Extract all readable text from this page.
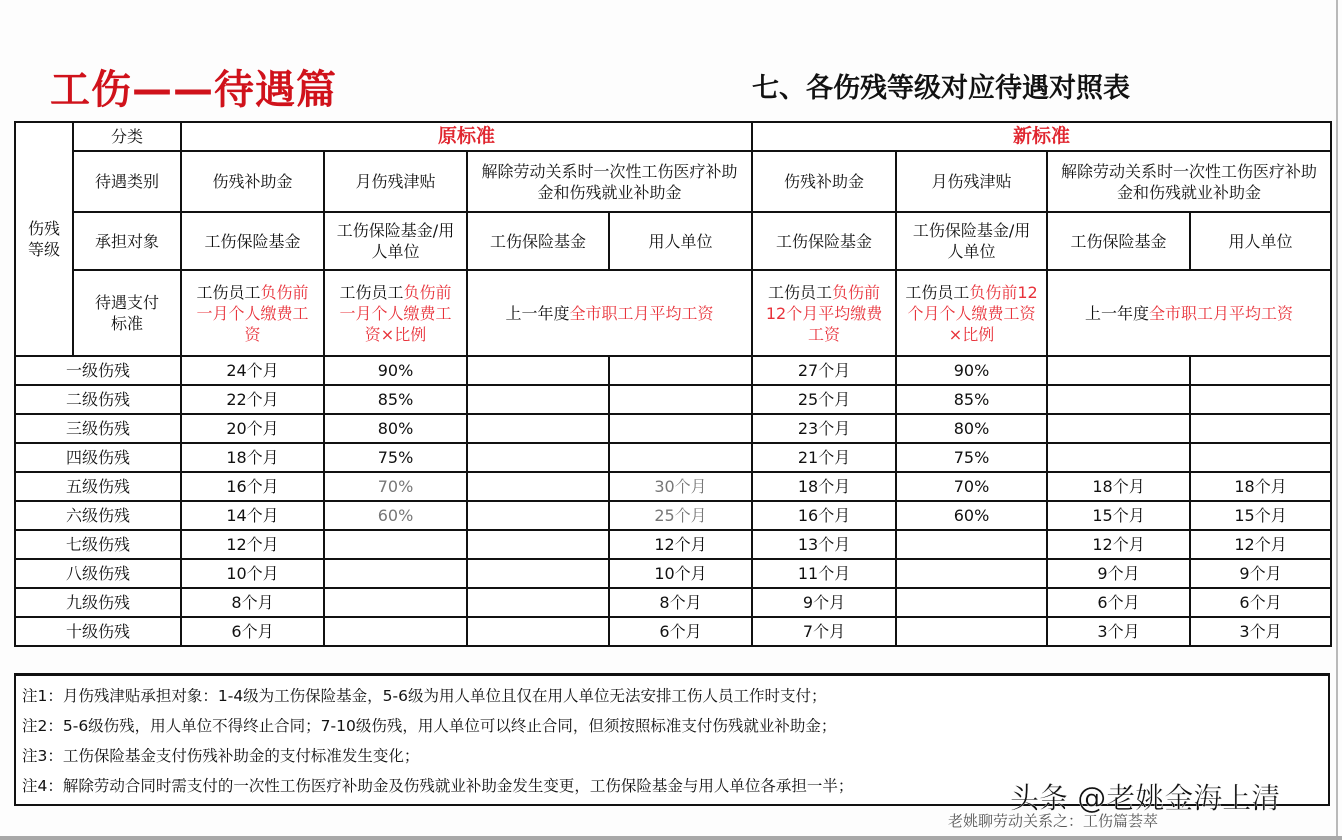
工伤——待遇篇	七、各伤残等级对应待遇对照表
伤残等级	分类	原标准				新标准			
	待遇类别	伤残补助金	月伤残津贴	解除劳动关系时一次性工伤医疗补助金和伤残就业补助金		伤残补助金	月伤残津贴	解除劳动关系时一次性工伤医疗补助金和伤残就业补助金	
	承担对象	工伤保险基金	工伤保险基金/用人单位	工伤保险基金	用人单位	工伤保险基金	工伤保险基金/用人单位	工伤保险基金	用人单位
	待遇支付标准	工伤员工负伤前一月个人缴费工资	工伤员工负伤前一月个人缴费工资×比例	上一年度全市职工月平均工资		工伤员工负伤前12个月平均缴费工资	工伤员工负伤前12个月个人缴费工资×比例	上一年度全市职工月平均工资	
一级伤残		24个月	90%			27个月	90%		
二级伤残		22个月	85%			25个月	85%		
三级伤残		20个月	80%			23个月	80%		
四级伤残		18个月	75%			21个月	75%		
五级伤残		16个月	70%		30个月	18个月	70%	18个月	18个月
六级伤残		14个月	60%		25个月	16个月	60%	15个月	15个月
七级伤残		12个月			12个月	13个月		12个月	12个月
八级伤残		10个月			10个月	11个月		9个月	9个月
九级伤残		8个月			8个月	9个月		6个月	6个月
十级伤残		6个月			6个月	7个月		3个月	3个月
注1：月伤残津贴承担对象：1-4级为工伤保险基金，5-6级为用人单位且仅在用人单位无法安排工伤人员工作时支付；
注2：5-6级伤残，用人单位不得终止合同；7-10级伤残，用人单位可以终止合同，但须按照标准支付伤残就业补助金；
注3：工伤保险基金支付伤残补助金的支付标准发生变化；
注4：解除劳动合同时需支付的一次性工伤医疗补助金及伤残就业补助金发生变更，工伤保险基金与用人单位各承担一半；	头条 @老姚金海上清
老姚聊劳动关系之：工伤篇荟萃
